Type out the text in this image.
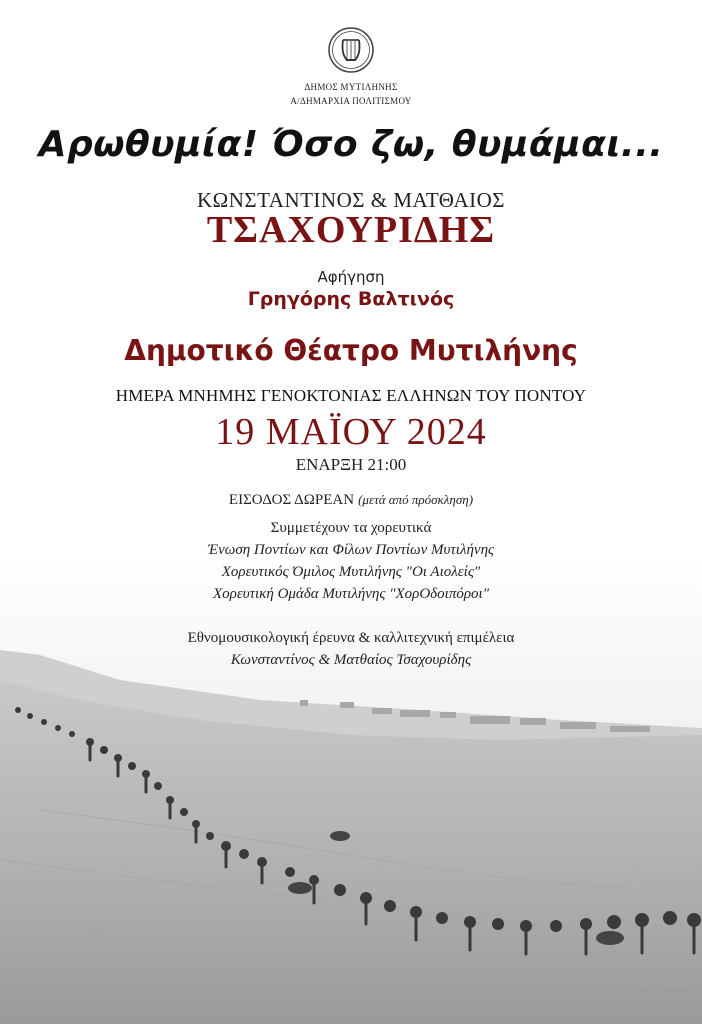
ΔΗΜΟΣ ΜΥΤΙΛΗΝΗΣ
Α/ΔΗΜΑΡΧΙΑ ΠΟΛΙΤΙΣΜΟΥ
Αρωθυμία! Όσο ζω, θυμάμαι...
ΚΩΝΣΤΑΝΤΙΝΟΣ & ΜΑΤΘΑΙΟΣ
ΤΣΑΧΟΥΡΙΔΗΣ
Αφήγηση
Γρηγόρης Βαλτινός
Δημοτικό Θέατρο Μυτιλήνης
ΗΜΕΡΑ ΜΝΗΜΗΣ ΓΕΝΟΚΤΟΝΙΑΣ ΕΛΛΗΝΩΝ ΤΟΥ ΠΟΝΤΟΥ
19 ΜΑΪΟΥ 2024
ΕΝΑΡΞΗ 21:00
ΕΙΣΟΔΟΣ ΔΩΡΕΑΝ (μετά από πρόσκληση)
Συμμετέχουν τα χορευτικά
Ένωση Ποντίων και Φίλων Ποντίων Μυτιλήνης
Χορευτικός Όμιλος Μυτιλήνης "Οι Αιολείς"
Χορευτική Ομάδα Μυτιλήνης "ΧορΟδοιπόροι"
Εθνομουσικολογική έρευνα & καλλιτεχνική επιμέλεια
Κωνσταντίνος & Ματθαίος Τσαχουρίδης
